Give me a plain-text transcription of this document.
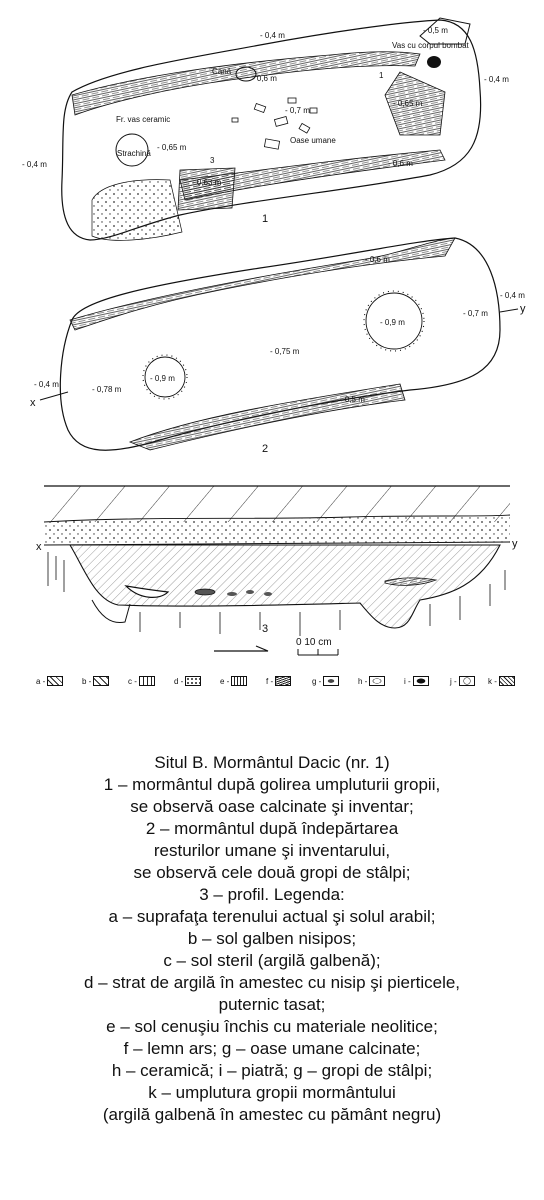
- 0,4 m
- 0,4 m
- 0,4 m
- 0,5 m
- 0,6 m
- 0,7 m
- 0,65 m
- 0,65 m
- 0,6 m
- 0,63 m
Cană
Vas cu corpul bombat
Fr. vas ceramic
Strachină
Oase umane
3
1
1
- 0,6 m
- 0,4 m
- 0,7 m
- 0,9 m
- 0,75 m
- 0,4 m
- 0,78 m
- 0,9 m
- 0,5 m
x
y
2
x	y
3
0 10 cm
a -	b -	c -	d -	e -	f -	g -	h -	i -	j -	k -
Situl B. Mormântul Dacic (nr. 1)
1 – mormântul după golirea umpluturii gropii,
se observă oase calcinate şi inventar;
2 – mormântul după îndepărtarea
resturilor umane şi inventarului,
se observă cele două gropi de stâlpi;
3 – profil. Legenda:
a – suprafaţa terenului actual şi solul arabil;
b – sol galben nisipos;
c – sol steril (argilă galbenă);
d – strat de argilă în amestec cu nisip şi pierticele,
puternic tasat;
e – sol cenuşiu închis cu materiale neolitice;
f – lemn ars; g – oase umane calcinate;
h – ceramică; i – piatră; g – gropi de stâlpi;
k – umplutura gropii mormântului
(argilă galbenă în amestec cu pământ negru)
